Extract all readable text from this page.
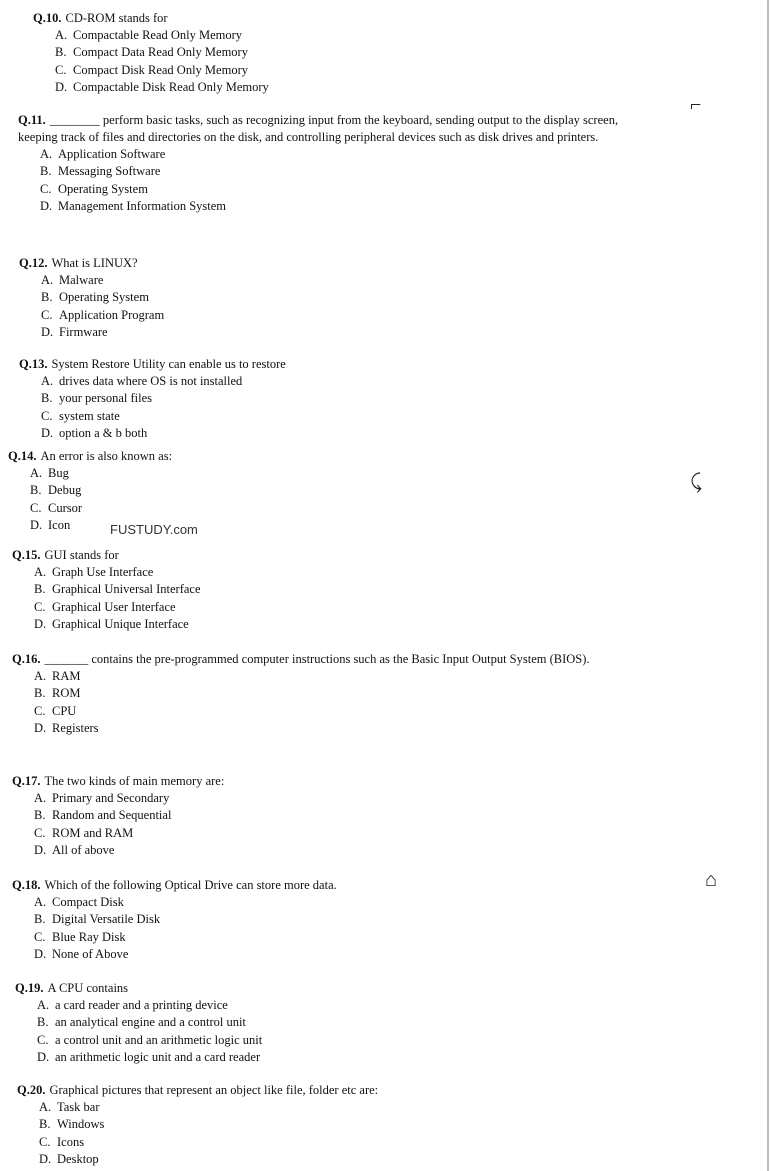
⌐
⤹
⌂
FUSTUDY.com
Q.10. CD-ROM stands for
A. Compactable Read Only Memory
B. Compact Data Read Only Memory
C. Compact Disk Read Only Memory
D. Compactable Disk Read Only Memory
Q.11. ________ perform basic tasks, such as recognizing input from the keyboard, sending output to the display screen, keeping track of files and directories on the disk, and controlling peripheral devices such as disk drives and printers.
A. Application Software
B. Messaging Software
C. Operating System
D. Management Information System
Q.12. What is LINUX?
A. Malware
B. Operating System
C. Application Program
D. Firmware
Q.13. System Restore Utility can enable us to restore
A. drives data where OS is not installed
B. your personal files
C. system state
D. option a & b both
Q.14. An error is also known as:
A. Bug
B. Debug
C. Cursor
D. Icon
Q.15. GUI stands for
A. Graph Use Interface
B. Graphical Universal Interface
C. Graphical User Interface
D. Graphical Unique Interface
Q.16. _______ contains the pre-programmed computer instructions such as the Basic Input Output System (BIOS).
A. RAM
B. ROM
C. CPU
D. Registers
Q.17. The two kinds of main memory are:
A. Primary and Secondary
B. Random and Sequential
C. ROM and RAM
D. All of above
Q.18. Which of the following Optical Drive can store more data.
A. Compact Disk
B. Digital Versatile Disk
C. Blue Ray Disk
D. None of Above
Q.19. A CPU contains
A. a card reader and a printing device
B. an analytical engine and a control unit
C. a control unit and an arithmetic logic unit
D. an arithmetic logic unit and a card reader
Q.20. Graphical pictures that represent an object like file, folder etc are:
A. Task bar
B. Windows
C. Icons
D. Desktop
